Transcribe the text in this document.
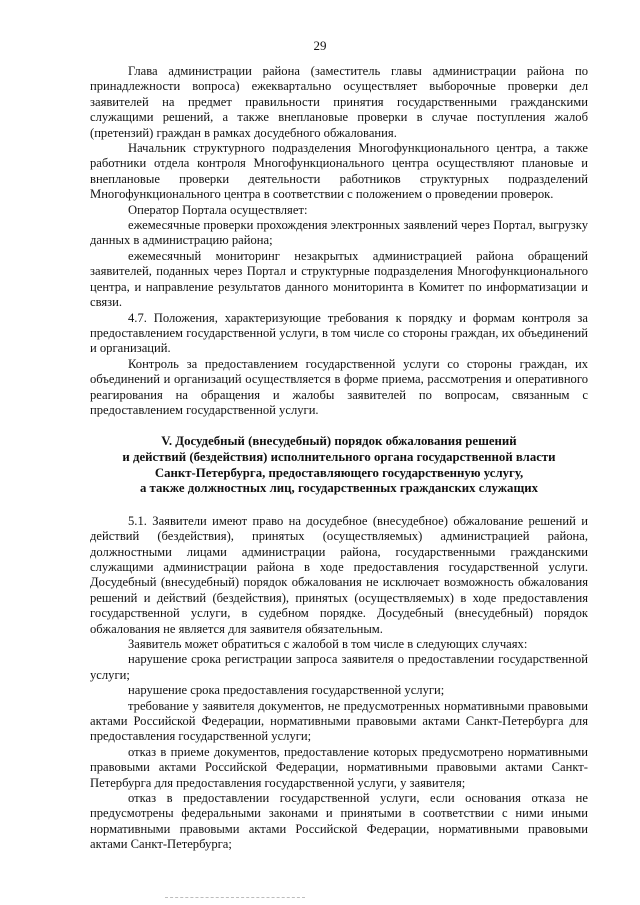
29

Глава администрации района (заместитель главы администрации района по принадлежности вопроса) ежеквартально осуществляет выборочные проверки дел заявителей на предмет правильности принятия государственными гражданскими служащими решений, а также внеплановые проверки в случае поступления жалоб (претензий) граждан в рамках досудебного обжалования.

Начальник структурного подразделения Многофункционального центра, а также работники отдела контроля Многофункционального центра осуществляют плановые и внеплановые проверки деятельности работников структурных подразделений Многофункционального центра в соответствии с положением о проведении проверок.

Оператор Портала осуществляет:

ежемесячные проверки прохождения электронных заявлений через Портал, выгрузку данных в администрацию района;

ежемесячный мониторинг незакрытых администрацией района обращений заявителей, поданных через Портал и структурные подразделения Многофункционального центра, и направление результатов данного мониторинта в Комитет по информатизации и связи.

4.7. Положения, характеризующие требования к порядку и формам контроля за предоставлением государственной услуги, в том числе со стороны граждан, их объединений и организаций.

Контроль за предоставлением государственной услуги со стороны граждан, их объединений и организаций осуществляется в форме приема, рассмотрения и оперативного реагирования на обращения и жалобы заявителей по вопросам, связанным с предоставлением государственной услуги.

V. Досудебный (внесудебный) порядок обжалования решений
и действий (бездействия) исполнительного органа государственной власти
Санкт-Петербурга, предоставляющего государственную услугу,
а также должностных лиц, государственных гражданских служащих

5.1. Заявители имеют право на досудебное (внесудебное) обжалование решений и действий (бездействия), принятых (осуществляемых) администрацией района, должностными лицами администрации района, государственными гражданскими служащими администрации района в ходе предоставления государственной услуги. Досудебный (внесудебный) порядок обжалования не исключает возможность обжалования решений и действий (бездействия), принятых (осуществляемых) в ходе предоставления государственной услуги, в судебном порядке. Досудебный (внесудебный) порядок обжалования не является для заявителя обязательным.

Заявитель может обратиться с жалобой в том числе в следующих случаях:

нарушение срока регистрации запроса заявителя о предоставлении государственной услуги;

нарушение срока предоставления государственной услуги;

требование у заявителя документов, не предусмотренных нормативными правовыми актами Российской Федерации, нормативными правовыми актами Санкт-Петербурга для предоставления государственной услуги;

отказ в приеме документов, предоставление которых предусмотрено нормативными правовыми актами Российской Федерации, нормативными правовыми актами Санкт-Петербурга для предоставления государственной услуги, у заявителя;

отказ в предоставлении государственной услуги, если основания отказа не предусмотрены федеральными законами и принятыми в соответствии с ними иными нормативными правовыми актами Российской Федерации, нормативными правовыми актами Санкт-Петербурга;
